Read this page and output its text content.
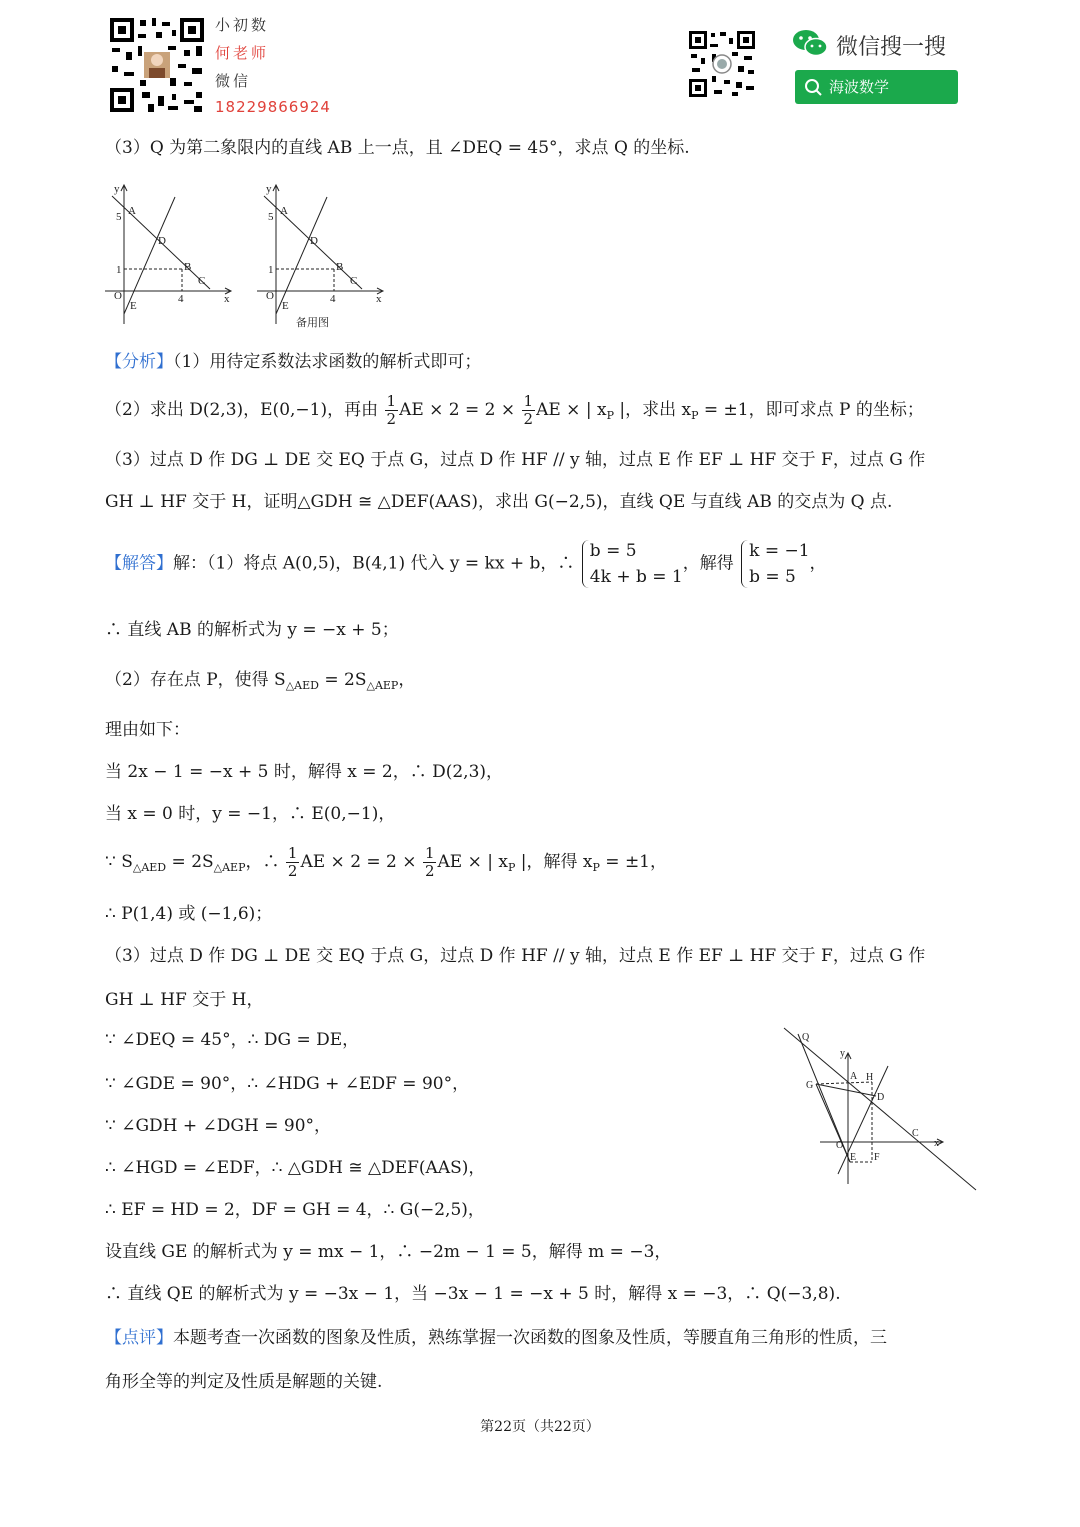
小初数
何老师
微信
18229866924
微信搜一搜
海波数学
（3）Q 为第二象限内的直线 AB 上一点，且 ∠DEQ = 45°，求点 Q 的坐标.
y
x
A
5
D
1	B
C
O	4
E
y
x
A
5
D
1	B
C
O	4
E
备用图
【分析】（1）用待定系数法求函数的解析式即可；
（2）求出 D(2,3)，E(0,−1)，再由 $\frac{1}{2}$ AE × $2 = 2 \times \frac{1}{2}$ AE × | $x_P$ |，求出 $x_P = \pm 1$，即可求点 P 的坐标；
（3）过点 D 作 DG ⊥ DE 交 EQ 于点 G，过点 D 作 HF // y 轴，过点 E 作 EF ⊥ HF 交于 F，过点 G 作
GH ⊥ HF 交于 H，证明△GDH ≅ △DEF(AAS)，求出 G(−2,5)，直线 QE 与直线 AB 的交点为 Q 点.
【解答】解：（1）将点 A(0,5)，B(4,1) 代入 y = kx + b，∴
b = 5
4k + b = 1
，解得
k = −1
b = 5
，
∴ 直线 AB 的解析式为 y = −x + 5；
（2）存在点 P，使得 $S_{\triangle AED} = 2S_{\triangle AEP}$，
理由如下：
当 2x − 1 = −x + 5 时，解得 x = 2，∴ D(2,3)，
当 x = 0 时，y = −1，∴ E(0,−1)，
∵ $S_{\triangle AED} = 2S_{\triangle AEP}$，∴ $\frac{1}{2}$ AE × $2 = 2 \times \frac{1}{2}$ AE × | $x_P$ |，解得 $x_P = \pm 1$，
∴ P(1,4) 或 (−1,6)；
（3）过点 D 作 DG ⊥ DE 交 EQ 于点 G，过点 D 作 HF // y 轴，过点 E 作 EF ⊥ HF 交于 F，过点 G 作
GH ⊥ HF 交于 H，
∵ ∠DEQ = 45°，∴ DG = DE，
∵ ∠GDE = 90°，∴ ∠HDG + ∠EDF = 90°，
∵ ∠GDH + ∠DGH = 90°，
∴ ∠HGD = ∠EDF，∴ △GDH ≅ △DEF(AAS)，
∴ EF = HD = 2，DF = GH = 4，∴ G(−2,5)，
设直线 GE 的解析式为 y = mx − 1，∴ −2m − 1 = 5，解得 m = −3，
∴ 直线 QE 的解析式为 y = −3x − 1，当 −3x − 1 = −x + 5 时，解得 x = −3，∴ Q(−3,8).
Q
y
A H
G
D
C
x
O
E F
【点评】本题考查一次函数的图象及性质，熟练掌握一次函数的图象及性质，等腰直角三角形的性质，三
角形全等的判定及性质是解题的关键.
第22页（共22页）
